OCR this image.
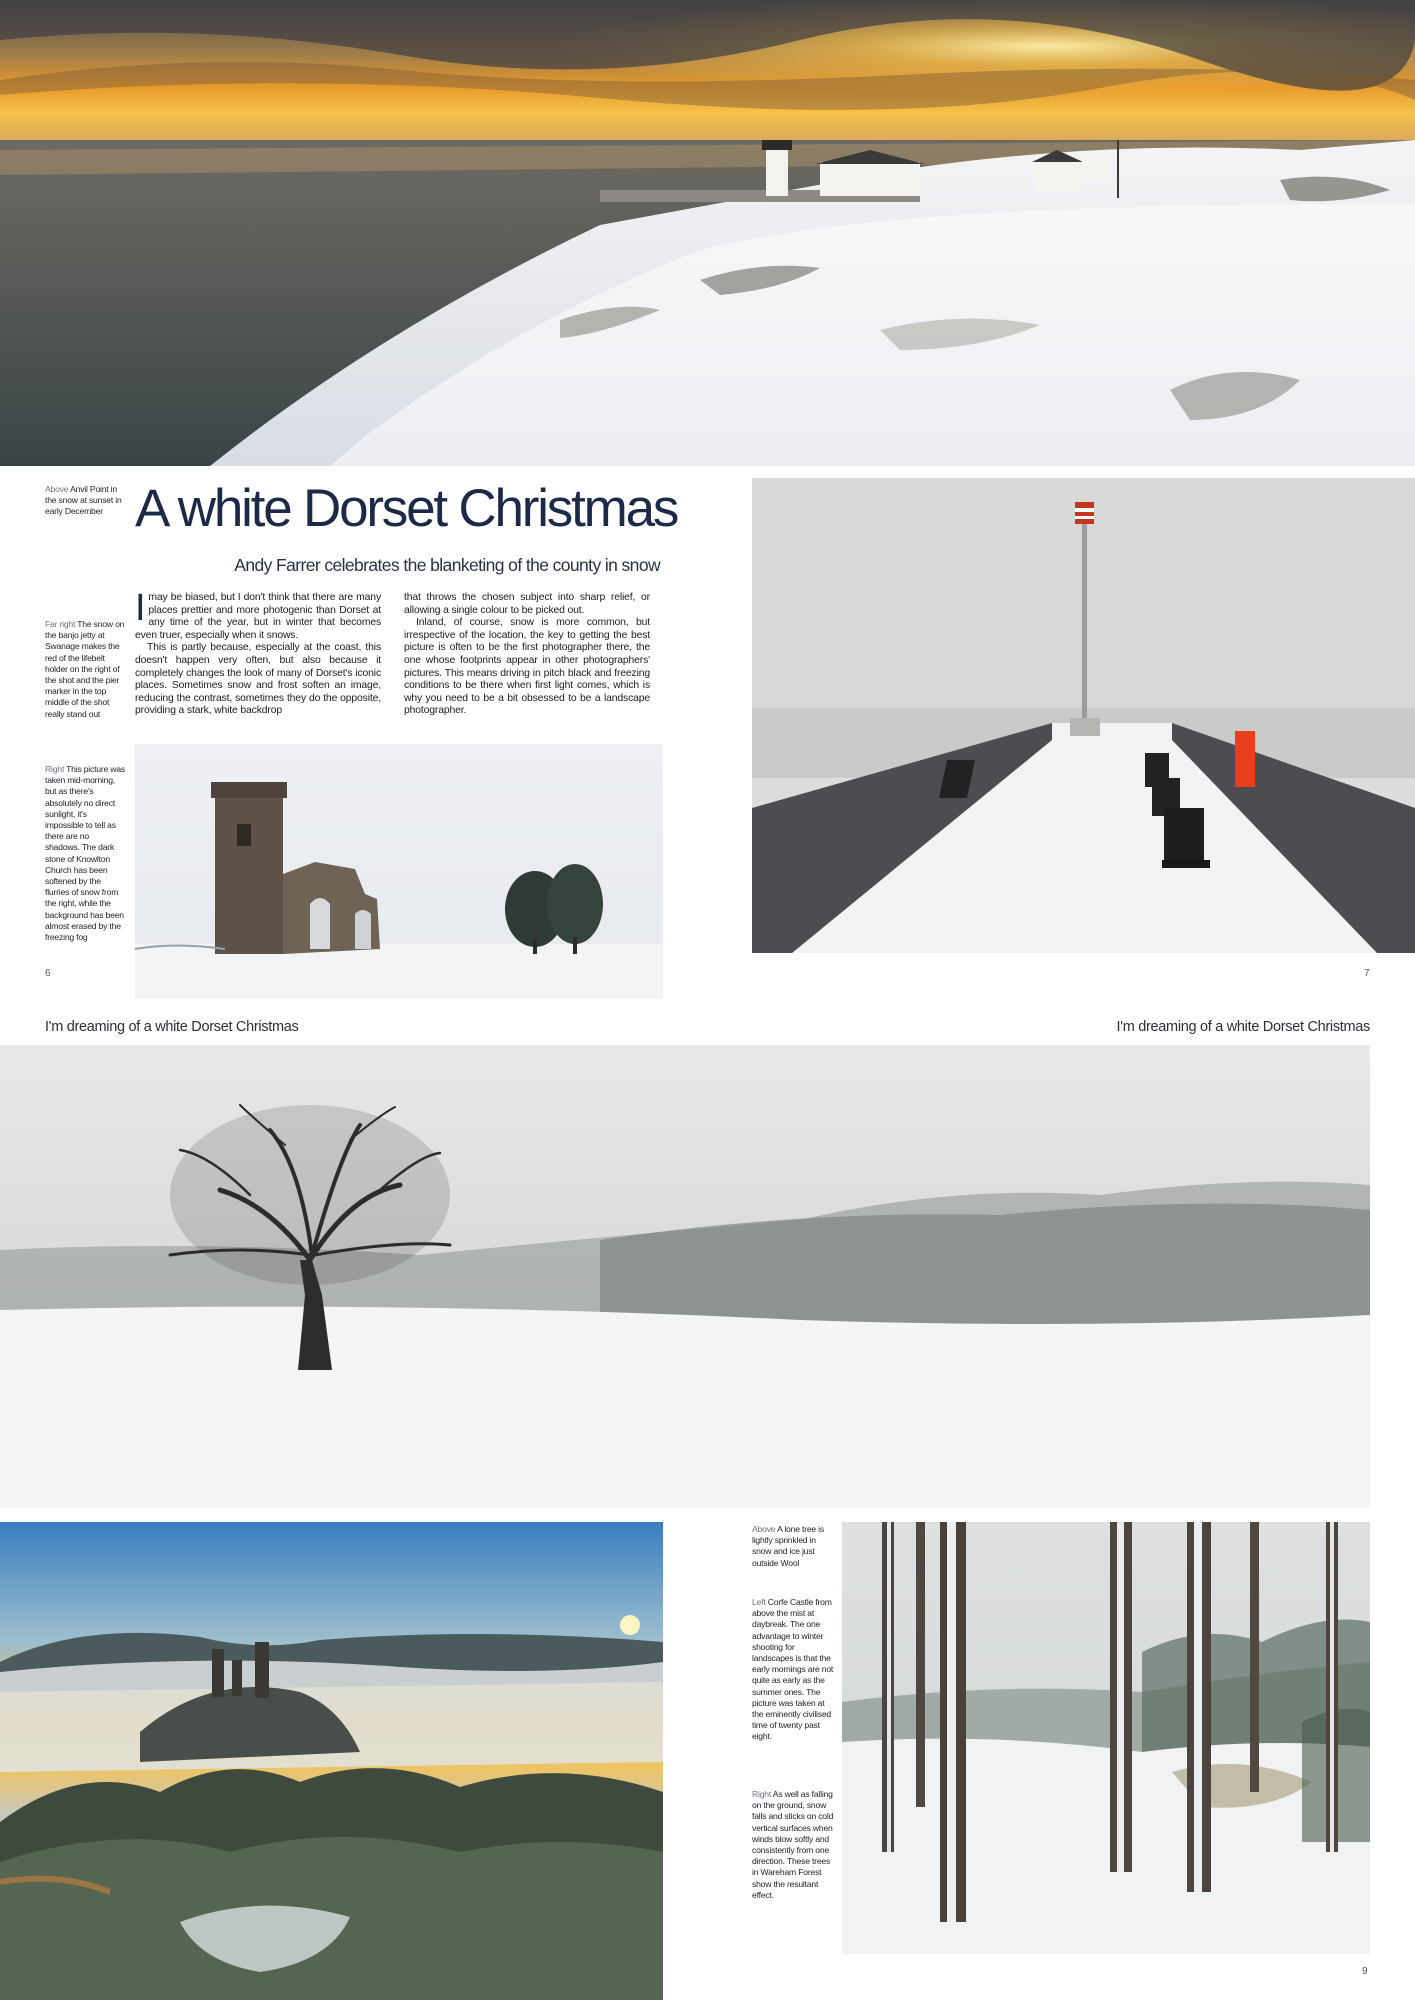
Above Anvil Point in the snow at sunset in early December
Far right The snow on the banjo jetty at Swanage makes the red of the lifebelt holder on the right of the shot and the pier marker in the top middle of the shot really stand out
Right This picture was taken mid-morning, but as there's absolutely no direct sunlight, it's impossible to tell as there are no shadows. The dark stone of Knowlton Church has been softened by the flurries of snow from the right, while the background has been almost erased by the freezing fog
A white Dorset Christmas
Andy Farrer celebrates the blanketing of the county in snow

Imay be biased, but I don't think that there are many places prettier and more photogenic than Dorset at any time of the year, but in winter that becomes even truer, especially when it snows.

This is partly because, especially at the coast, this doesn't happen very often, but also because it completely changes the look of many of Dorset's iconic places. Sometimes snow and frost soften an image, reducing the contrast, sometimes they do the opposite, providing a stark, white backdrop

that throws the chosen subject into sharp relief, or allowing a single colour to be picked out.

Inland, of course, snow is more common, but irrespective of the location, the key to getting the best picture is often to be the first photographer there, the one whose footprints appear in other photographers' pictures. This means driving in pitch black and freezing conditions to be there when first light comes, which is why you need to be a bit obsessed to be a landscape photographer.

6	7
I'm dreaming of a white Dorset Christmas	I'm dreaming of a white Dorset Christmas
Above A lone tree is lightly sprinkled in snow and ice just outside Wool
Left Corfe Castle from above the mist at daybreak. The one advantage to winter shooting for landscapes is that the early mornings are not quite as early as the summer ones. The picture was taken at the eminently civilised time of twenty past eight.
Right As well as falling on the ground, snow falls and sticks on cold vertical surfaces when winds blow softly and consistently from one direction. These trees in Wareham Forest show the resultant effect.
9
